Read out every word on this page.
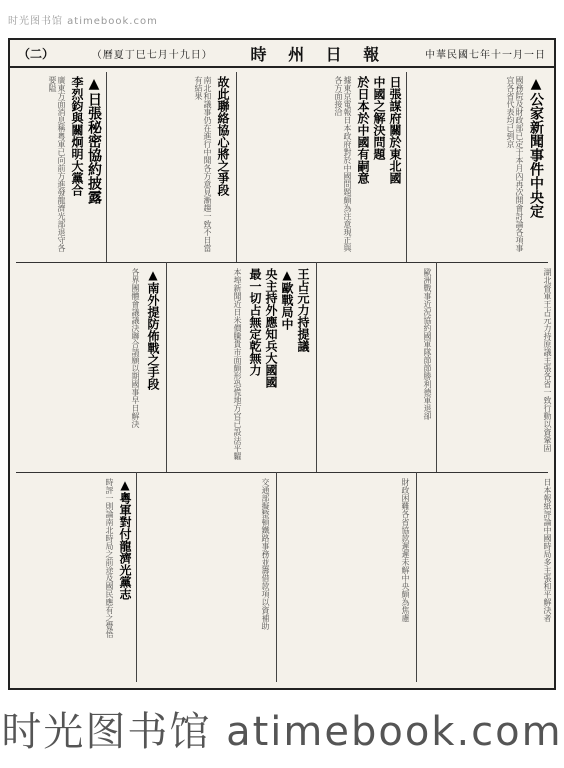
时光图书馆 atimebook.com
（二）	（曆夏丁巳七月十九日） 時 州 日 報	中華民國七年十一月一日
▲公家新聞事件中央定
國務院及財政部已定于本月內再次開會討論各項事宜各省代表均已到京
日張謀府關於東北國
中國之解決問題
於日本於中國有嗣意
據東京電報日本政府對於中國問題頗為注意現正與各方面接洽
故此聯絡協心將之爭段
南北和議事仍在進行中聞各方意見漸趨一致不日當有結果
▲日張秘密協約披露
李烈鈞與關炯明大黨合
廣東方面消息稱粵軍已向前方進發龍濟光部退守各要隘
湖北督軍王占元力持原議主張各省一致行動以資鞏固
歐洲戰事近況協約國軍隊節節勝利德軍退卻
王占元力持提議
▲歐戰局中
央主持外應知兵大國國
最一切占無定乾無力
本埠新聞近日米價騰貴市面頗形恐慌地方官已設法平糶
▲南外提防佈戰之手段
各界團體會議議決聯合請願以期國事早日解決
日本報紙評論中國時局多主張和平解決者
財政困難各省協款遲遲未解中央頗為焦慮
交通部擬整頓鐵路事務並籌借款項以資補助
▲粵軍對付龍濟光黨志
時評一則論南北時局之前途及國民應有之覺悟
时光图书馆 atimebook.com
